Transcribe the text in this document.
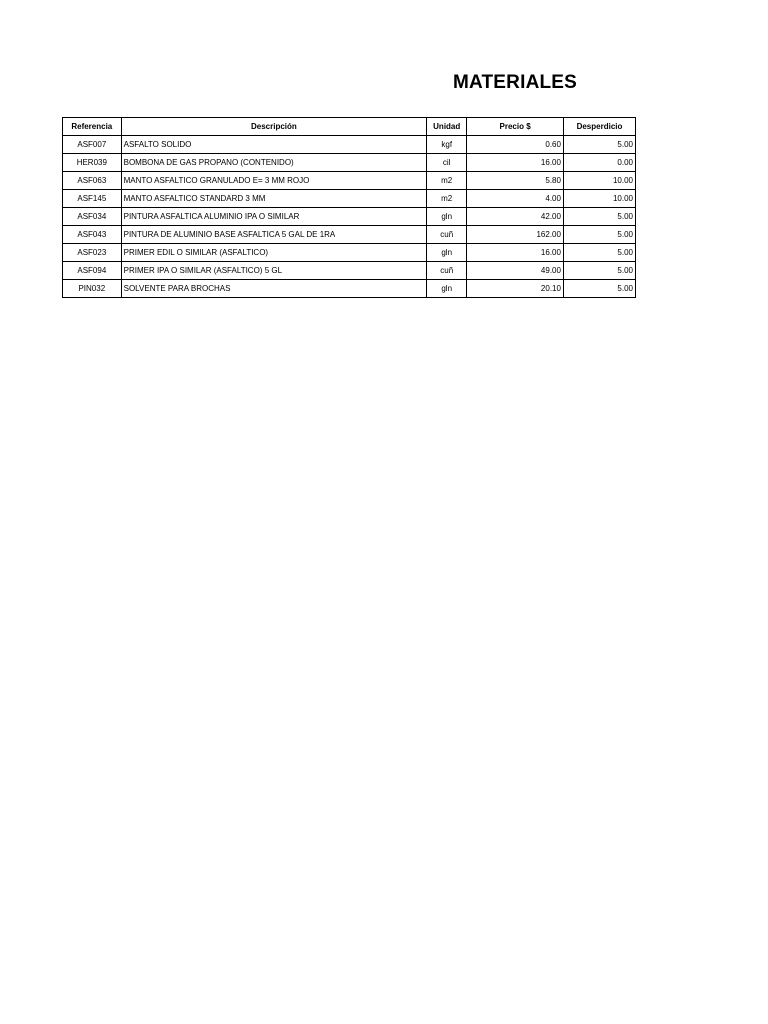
MATERIALES
Referencia	Descripción	Unidad	Precio $	Desperdicio
ASF007	ASFALTO SOLIDO	kgf	0.60	5.00
HER039	BOMBONA DE GAS PROPANO (CONTENIDO)	cil	16.00	0.00
ASF063	MANTO ASFALTICO GRANULADO E= 3 MM ROJO	m2	5.80	10.00
ASF145	MANTO ASFALTICO STANDARD 3 MM	m2	4.00	10.00
ASF034	PINTURA ASFALTICA ALUMINIO IPA O SIMILAR	gln	42.00	5.00
ASF043	PINTURA DE ALUMINIO BASE ASFALTICA 5 GAL DE 1RA	cuñ	162.00	5.00
ASF023	PRIMER EDIL O SIMILAR (ASFALTICO)	gln	16.00	5.00
ASF094	PRIMER IPA O SIMILAR (ASFALTICO) 5 GL	cuñ	49.00	5.00
PIN032	SOLVENTE PARA BROCHAS	gln	20.10	5.00
